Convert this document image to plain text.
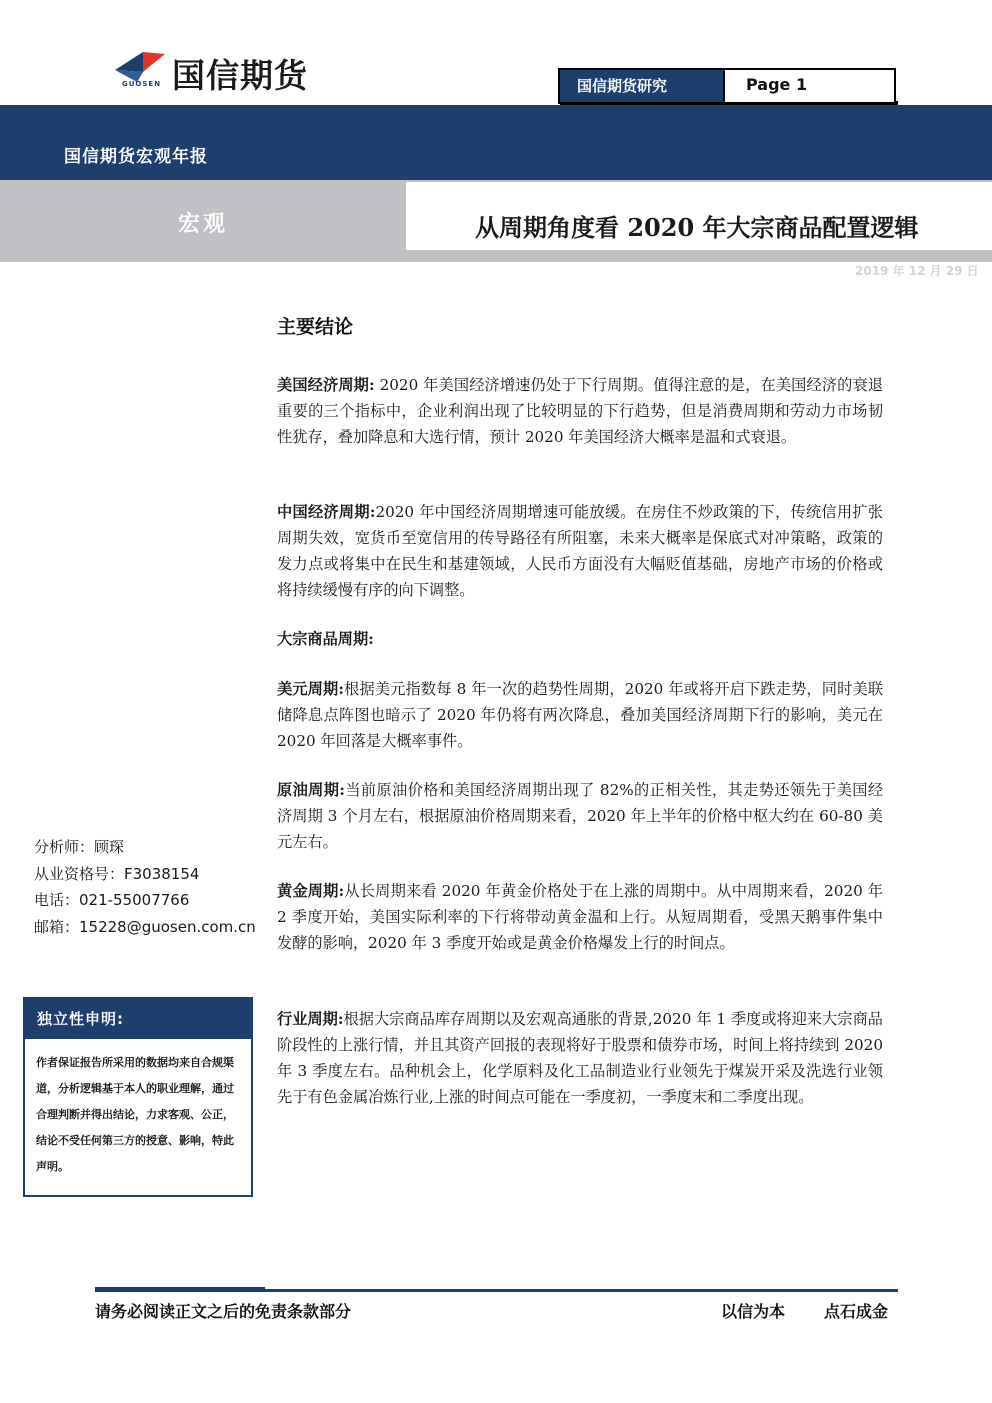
国信期货
GUOSEN	国信期货研究	Page 1
国信期货宏观年报
宏观	从周期角度看 2020 年大宗商品配置逻辑
2019 年 12 月 29 日
主要结论
美国经济周期: 2020 年美国经济增速仍处于下行周期。值得注意的是，在美国经济的衰退重要的三个指标中，企业利润出现了比较明显的下行趋势，但是消费周期和劳动力市场韧性犹存，叠加降息和大选行情，预计 2020 年美国经济大概率是温和式衰退。
中国经济周期:2020 年中国经济周期增速可能放缓。在房住不炒政策的下，传统信用扩张周期失效，宽货币至宽信用的传导路径有所阻塞，未来大概率是保底式对冲策略，政策的发力点或将集中在民生和基建领域，人民币方面没有大幅贬值基础，房地产市场的价格或将持续缓慢有序的向下调整。
大宗商品周期:
美元周期:根据美元指数每 8 年一次的趋势性周期，2020 年或将开启下跌走势，同时美联储降息点阵图也暗示了 2020 年仍将有两次降息，叠加美国经济周期下行的影响，美元在 2020 年回落是大概率事件。
原油周期:当前原油价格和美国经济周期出现了 82%的正相关性，其走势还领先于美国经济周期 3 个月左右，根据原油价格周期来看，2020 年上半年的价格中枢大约在 60-80 美元左右。
黄金周期:从长周期来看 2020 年黄金价格处于在上涨的周期中。从中周期来看，2020 年 2 季度开始，美国实际利率的下行将带动黄金温和上行。从短周期看，受黑天鹅事件集中发酵的影响，2020 年 3 季度开始或是黄金价格爆发上行的时间点。
行业周期:根据大宗商品库存周期以及宏观高通胀的背景,2020 年 1 季度或将迎来大宗商品阶段性的上涨行情，并且其资产回报的表现将好于股票和债券市场，时间上将持续到 2020 年 3 季度左右。品种机会上，化学原料及化工品制造业行业领先于煤炭开采及洗选行业领先于有色金属冶炼行业,上涨的时间点可能在一季度初，一季度末和二季度出现。
分析师：顾琛
从业资格号：F3038154
电话：021-55007766
邮箱：15228@guosen.com.cn
独立性申明:
作者保证报告所采用的数据均来自合规渠道，分析逻辑基于本人的职业理解，通过合理判断并得出结论，力求客观、公正，结论不受任何第三方的授意、影响，特此声明。
请务必阅读正文之后的免责条款部分	以信为本 点石成金
